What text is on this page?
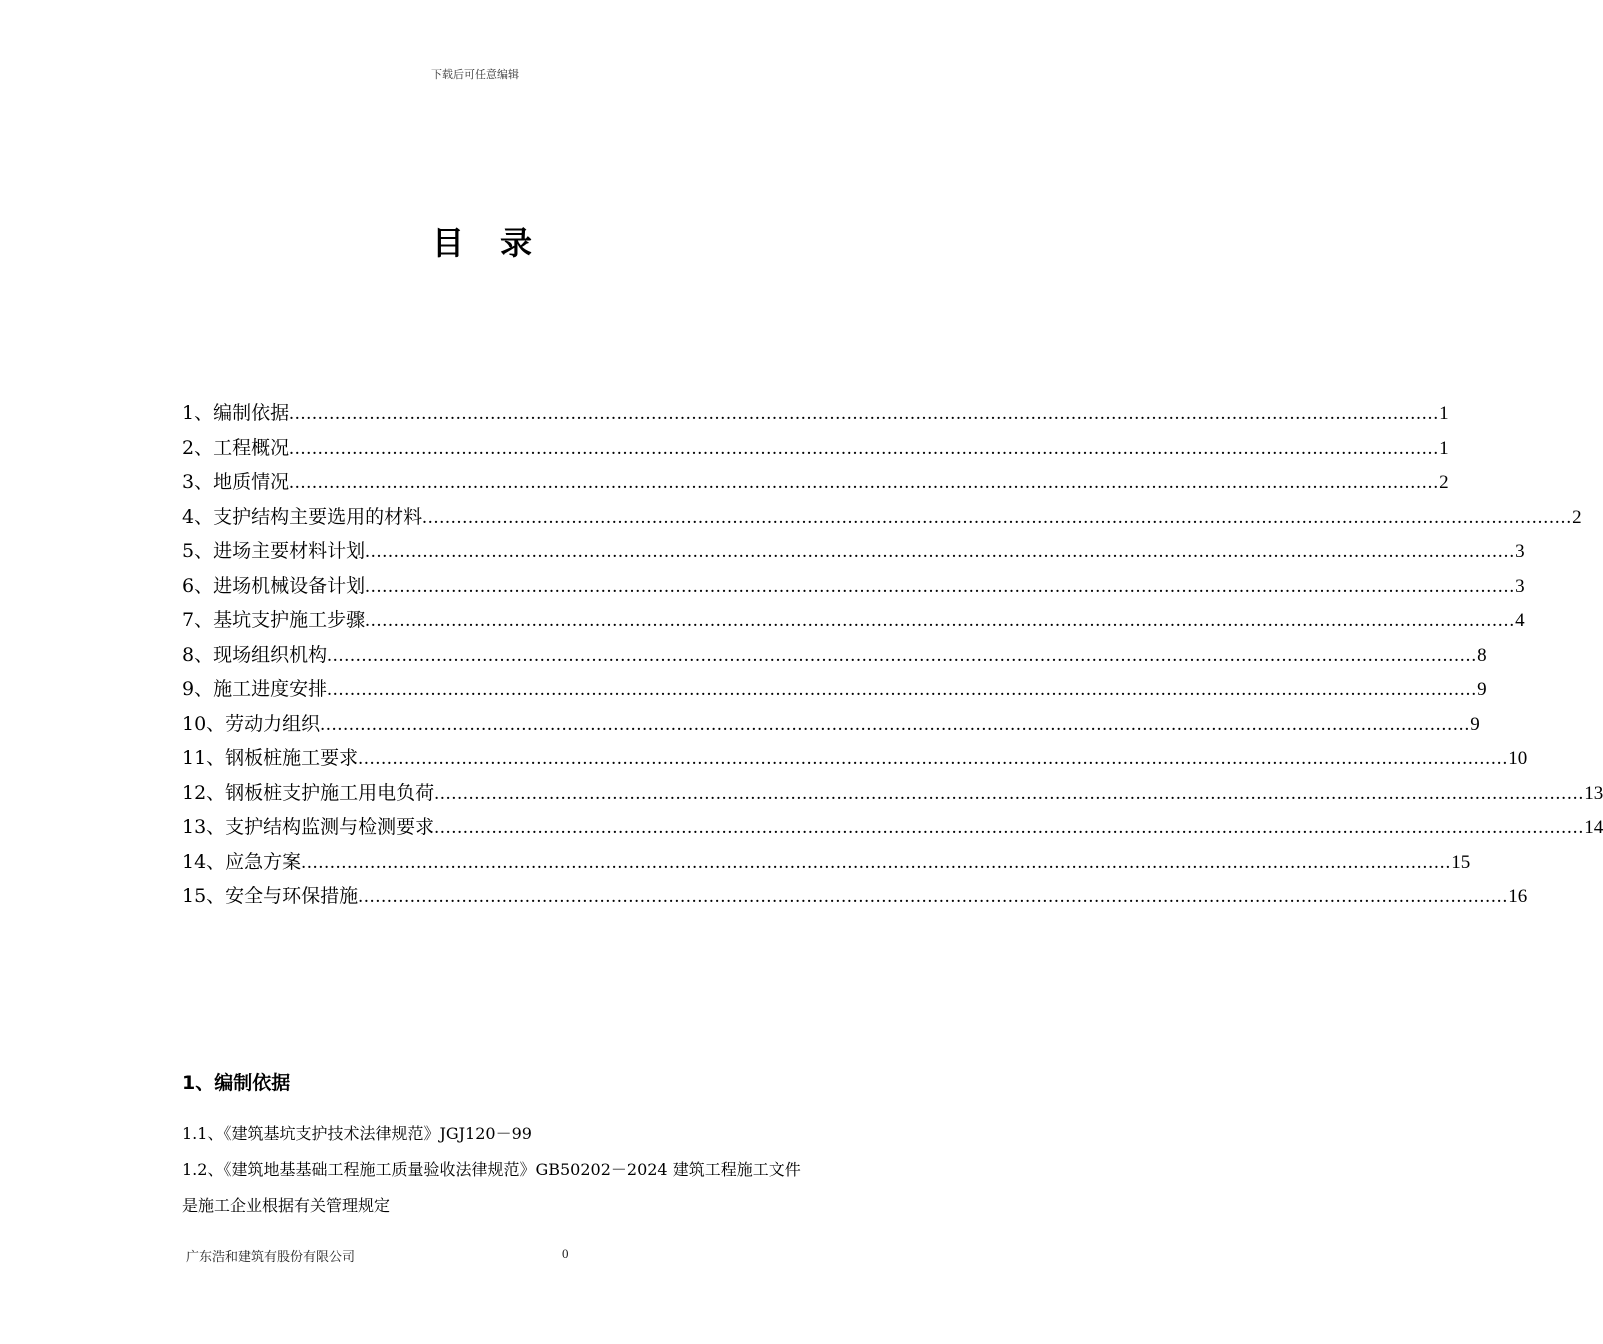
下载后可任意编辑
目录
1、编制依据 ........................................................................................................................................................................................................ 1
2、工程概况 ........................................................................................................................................................................................................ 1
3、地质情况 ........................................................................................................................................................................................................ 2
4、支护结构主要选用的材料 ........................................................................................................................................................................................................ 2
5、进场主要材料计划 ........................................................................................................................................................................................................ 3
6、进场机械设备计划 ........................................................................................................................................................................................................ 3
7、基坑支护施工步骤 ........................................................................................................................................................................................................ 4
8、现场组织机构 ........................................................................................................................................................................................................ 8
9、施工进度安排 ........................................................................................................................................................................................................ 9
10、劳动力组织 ........................................................................................................................................................................................................ 9
11、钢板桩施工要求 ........................................................................................................................................................................................................ 10
12、钢板桩支护施工用电负荷 ........................................................................................................................................................................................................ 13
13、支护结构监测与检测要求 ........................................................................................................................................................................................................ 14
14、应急方案 ........................................................................................................................................................................................................ 15
15、安全与环保措施 ........................................................................................................................................................................................................ 16
1、编制依据
1.1、《建筑基坑支护技术法律规范》JGJ120－99
1.2、《建筑地基基础工程施工质量验收法律规范》GB50202－2024 建筑工程施工文件是施工企业根据有关管理规定
广东浩和建筑有股份有限公司	0
